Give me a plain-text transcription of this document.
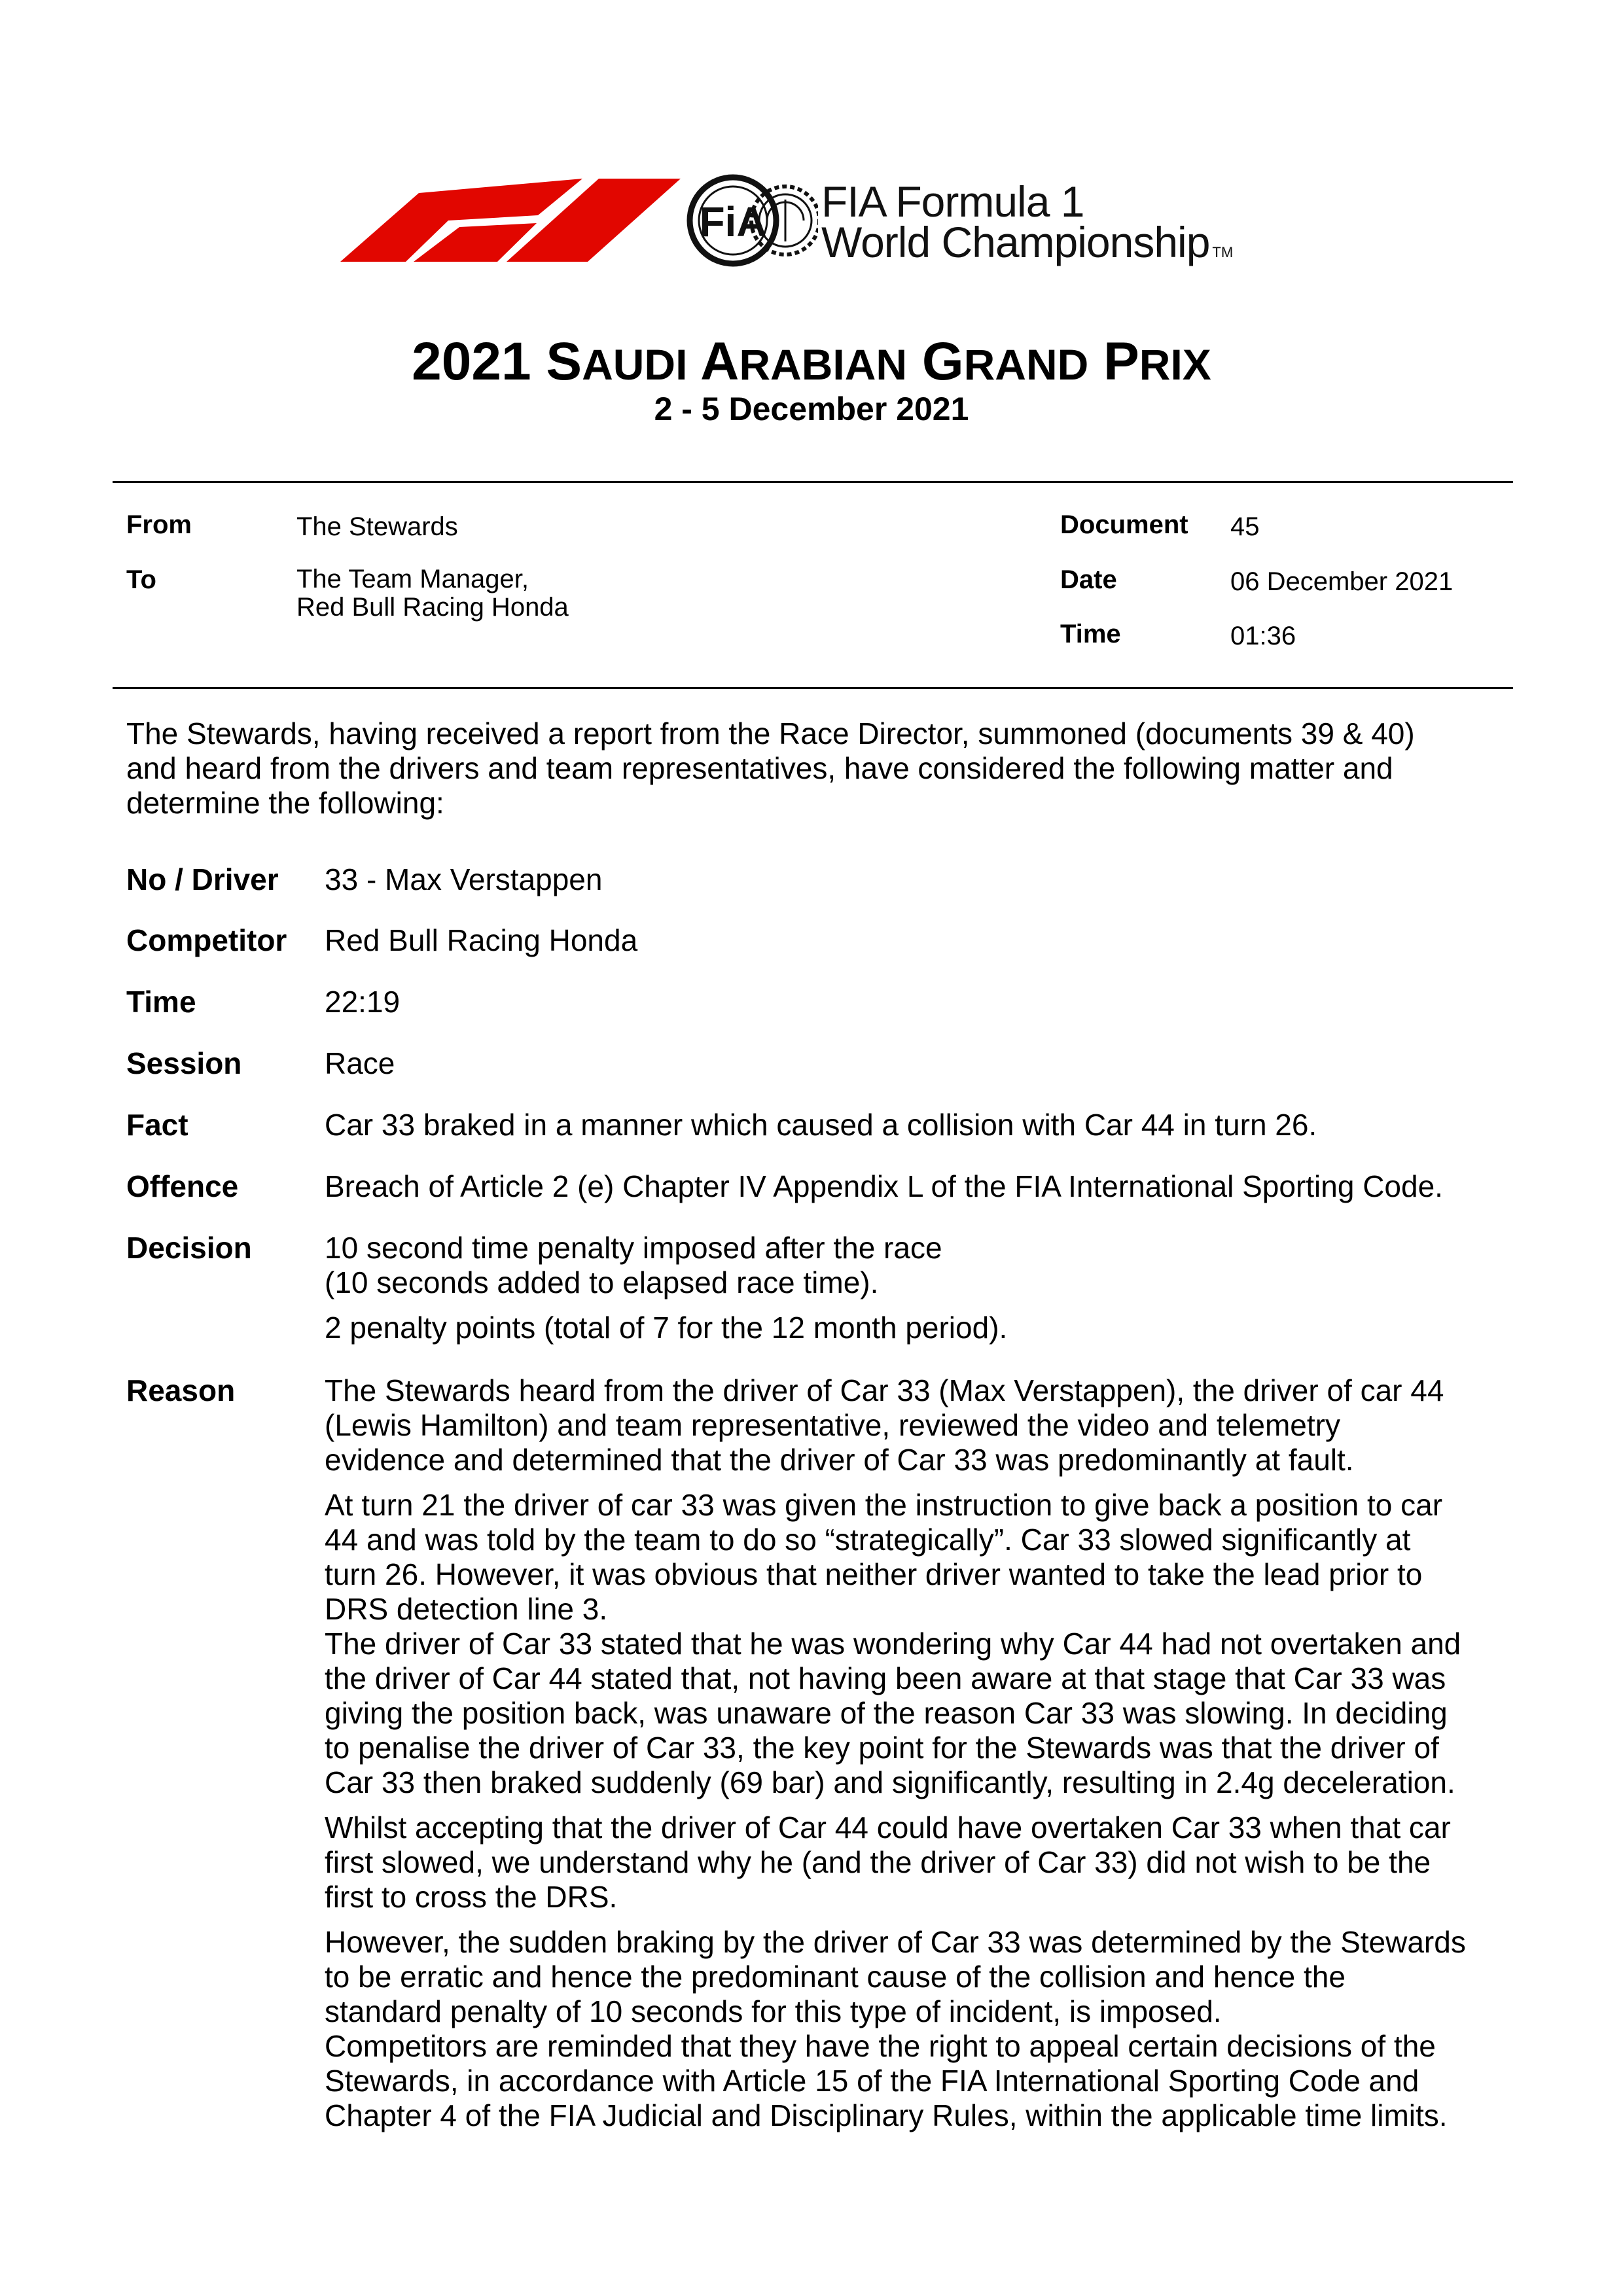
FiA FIA Formula 1
World Championship TM
2021 SAUDI ARABIAN GRAND PRIX
2 - 5 December 2021
From	The Stewards
To	The Team Manager,
Red Bull Racing Honda
Document 45
Date	06 December 2021
Time	01:36
The Stewards, having received a report from the Race Director, summoned (documents 39 & 40)
and heard from the drivers and team representatives, have considered the following matter and
determine the following:
No / Driver 33 - Max Verstappen
Competitor Red Bull Racing Honda
Time	22:19
Session	Race
Fact	Car 33 braked in a manner which caused a collision with Car 44 in turn 26.
Offence	Breach of Article 2 (e) Chapter IV Appendix L of the FIA International Sporting Code.
Decision 10 second time penalty imposed after the race
(10 seconds added to elapsed race time).
2 penalty points (total of 7 for the 12 month period).
Reason	The Stewards heard from the driver of Car 33 (Max Verstappen), the driver of car 44
(Lewis Hamilton) and team representative, reviewed the video and telemetry
evidence and determined that the driver of Car 33 was predominantly at fault.
At turn 21 the driver of car 33 was given the instruction to give back a position to car
44 and was told by the team to do so “strategically”. Car 33 slowed significantly at
turn 26. However, it was obvious that neither driver wanted to take the lead prior to
DRS detection line 3.
The driver of Car 33 stated that he was wondering why Car 44 had not overtaken and
the driver of Car 44 stated that, not having been aware at that stage that Car 33 was
giving the position back, was unaware of the reason Car 33 was slowing. In deciding
to penalise the driver of Car 33, the key point for the Stewards was that the driver of
Car 33 then braked suddenly (69 bar) and significantly, resulting in 2.4g deceleration.
Whilst accepting that the driver of Car 44 could have overtaken Car 33 when that car
first slowed, we understand why he (and the driver of Car 33) did not wish to be the
first to cross the DRS.
However, the sudden braking by the driver of Car 33 was determined by the Stewards
to be erratic and hence the predominant cause of the collision and hence the
standard penalty of 10 seconds for this type of incident, is imposed.
Competitors are reminded that they have the right to appeal certain decisions of the
Stewards, in accordance with Article 15 of the FIA International Sporting Code and
Chapter 4 of the FIA Judicial and Disciplinary Rules, within the applicable time limits.
